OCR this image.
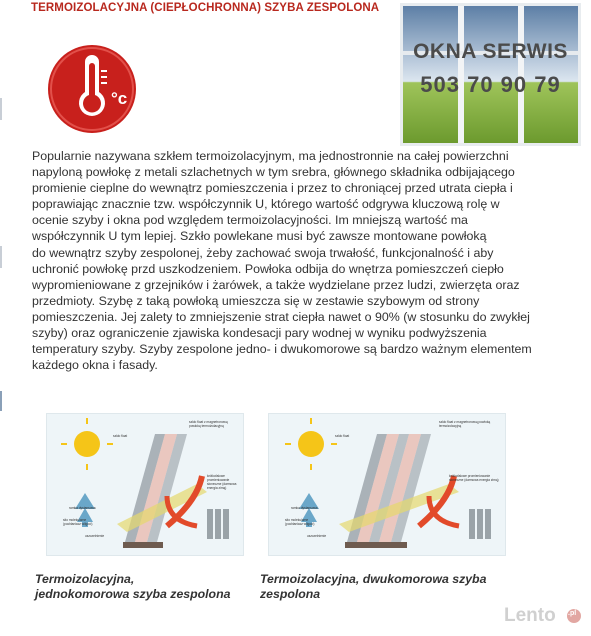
TERMOIZOLACYJNA (CIEPŁOCHRONNA) SZYBA ZESPOLONA
°c
OKNA SERWIS
503 70 90 79

Popularnie nazywana szkłem termoizolacyjnym, ma jednostronnie na całej powierzchni
napyloną powłokę z metali szlachetnych w tym srebra, głównego składnika odbijającego
promienie cieplne do wewnątrz pomieszczenia i przez to chroniącej przed utrata ciepła i
poprawiając znacznie tzw. współczynnik U, którego wartość odgrywa kluczową rolę w
ocenie szyby i okna pod względem termoizolacyjności. Im mniejszą wartość ma
współczynnik U tym lepiej. Szkło powlekane musi być zawsze montowane powłoką
do wewnątrz szyby zespolonej, żeby zachować swoja trwałość, funkcjonalność i aby
uchronić powłokę przd uszkodzeniem. Powłoka odbija do wnętrza pomieszczeń ciepło
wypromieniowane z grzejników i żarówek, a także wydzielane przez ludzi, zwierzęta oraz
przedmioty. Szybę z taką powłoką umieszcza się w zestawie szybowym od strony
pomieszczenia. Jej zalety to zmniejszenie strat ciepła nawet o 90% (w stosunku do zwykłej
szyby) oraz ograniczenie zjawiska kondesacji pary wodnej w wyniku podwyższenia
temperatury szyby. Szyby zespolone jedno- i dwukomorowe są bardzo ważnym elementem
każdego okna i fasady.

szkło float
szkło float z magnetronową powłoką termoizolacyjną
krótkofalowe promieniowanie słoneczne (darmowa energia zimą)
ramka dystansowa
sito molekularne (pochłaniacz wilgoci)
uszczelnienie
szkło float
szkło float z magnetronową powłoką termoizolacyjną
krótkofalowe promieniowanie słoneczne (darmowa energia zimą)
ramka dystansowa
sito molekularne (pochłaniacz wilgoci)
uszczelnienie
Termoizolacyjna,
jednokomorowa szyba zespolona
Termoizolacyjna, dwukomorowa szyba
zespolona
Lento .pl
